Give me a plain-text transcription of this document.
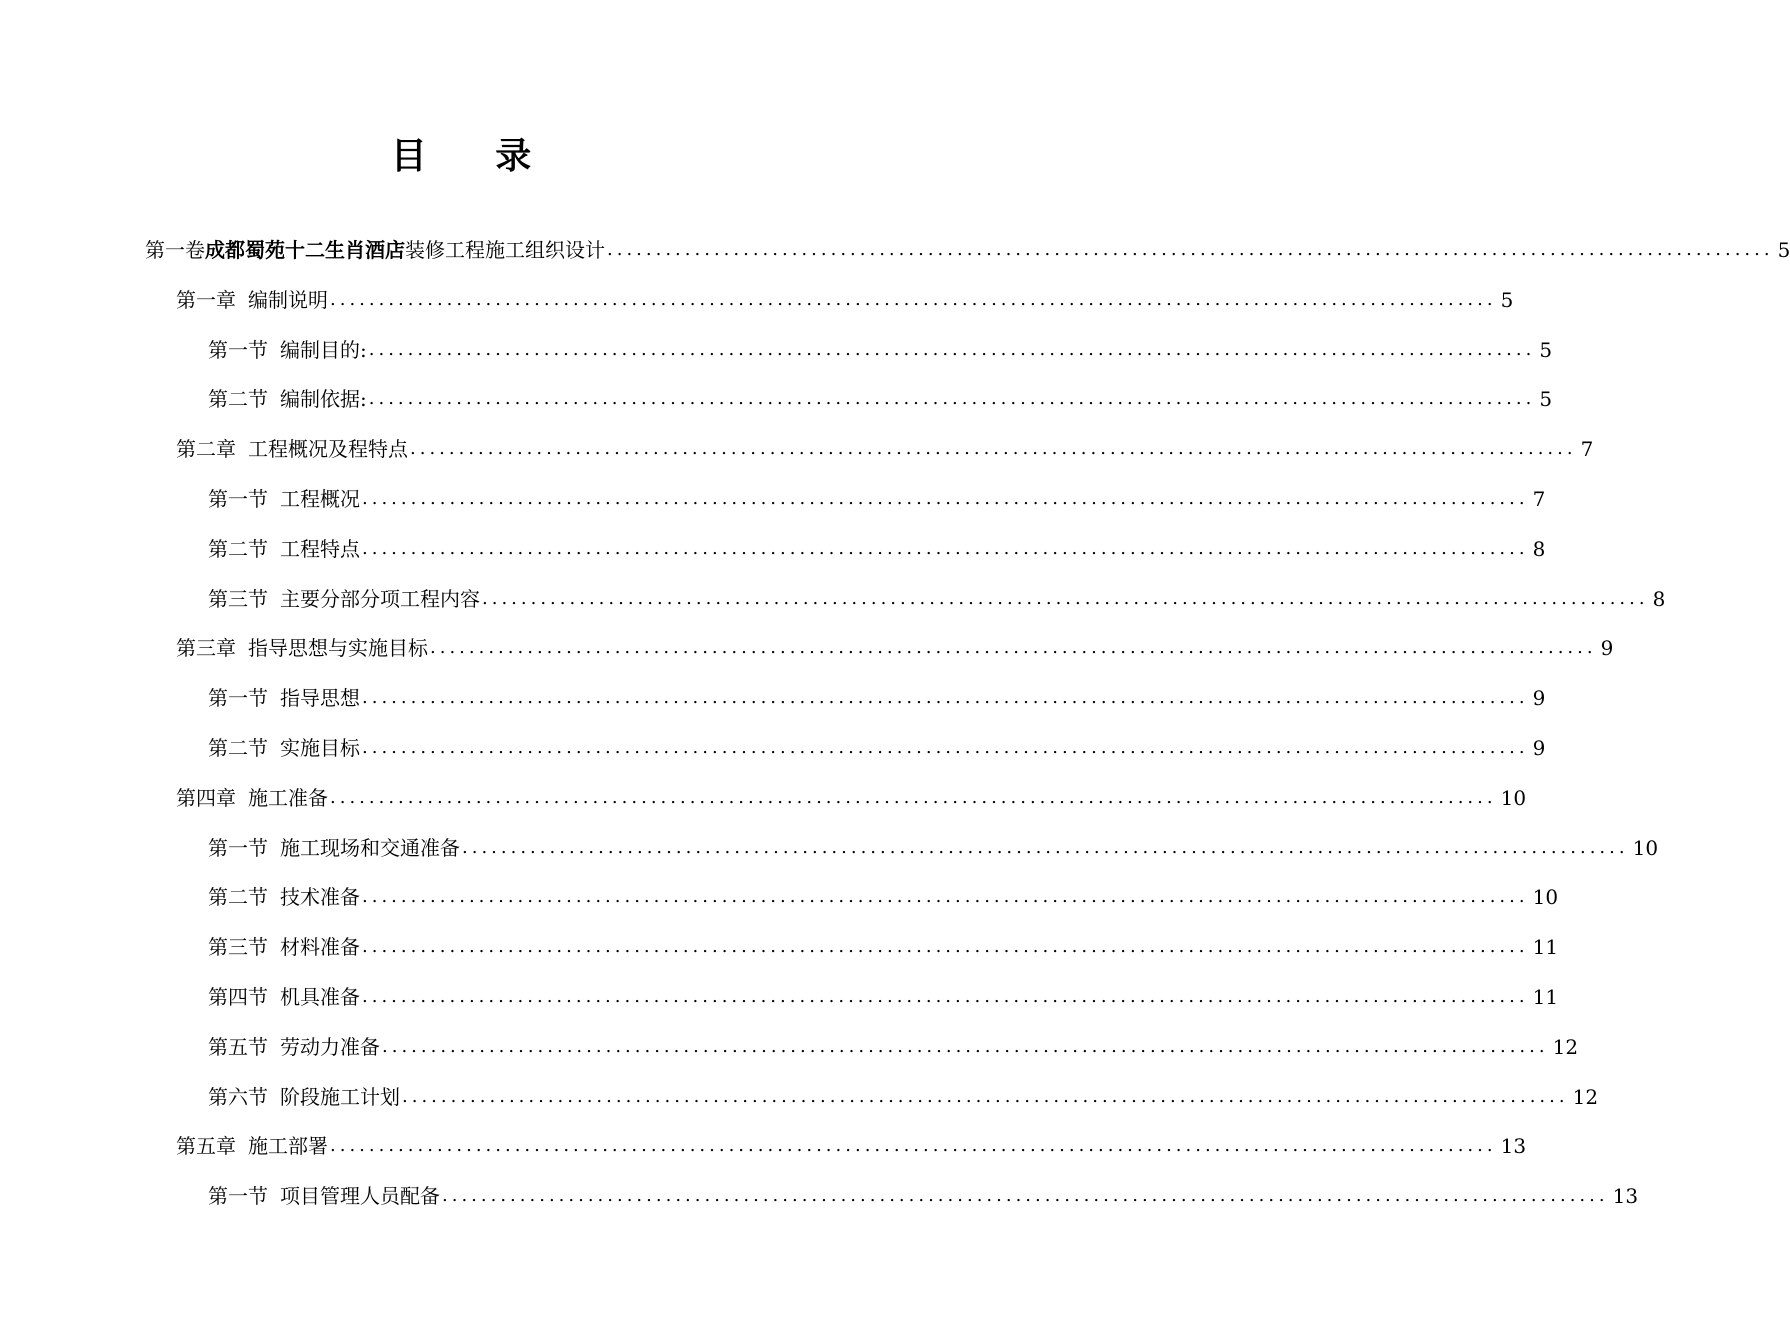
目 录
第一卷 成都蜀苑十二生肖酒店 装修工程施工组织设计 ........................................................................................................................ 5
第一章 编制说明 ........................................................................................................................ 5
第一节 编制目的: ........................................................................................................................ 5
第二节 编制依据: ........................................................................................................................ 5
第二章 工程概况及程特点 ........................................................................................................................ 7
第一节 工程概况 ........................................................................................................................ 7
第二节 工程特点 ........................................................................................................................ 8
第三节 主要分部分项工程内容 ........................................................................................................................ 8
第三章 指导思想与实施目标 ........................................................................................................................ 9
第一节 指导思想 ........................................................................................................................ 9
第二节 实施目标 ........................................................................................................................ 9
第四章 施工准备 ........................................................................................................................ 10
第一节 施工现场和交通准备 ........................................................................................................................ 10
第二节 技术准备 ........................................................................................................................ 10
第三节 材料准备 ........................................................................................................................ 11
第四节 机具准备 ........................................................................................................................ 11
第五节 劳动力准备 ........................................................................................................................ 12
第六节 阶段施工计划 ........................................................................................................................ 12
第五章 施工部署 ........................................................................................................................ 13
第一节 项目管理人员配备 ........................................................................................................................ 13
